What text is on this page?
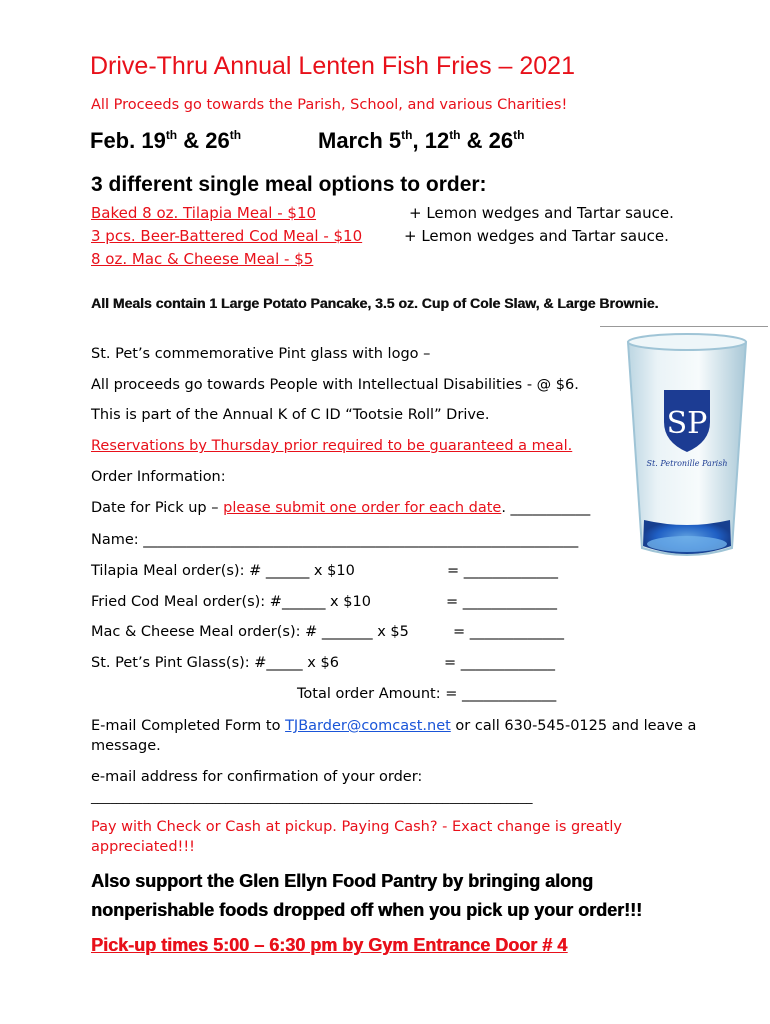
Drive-Thru Annual Lenten Fish Fries – 2021
All Proceeds go towards the Parish, School, and various Charities!
Feb. 19th & 26th	March 5th, 12th & 26th
3 different single meal options to order:
Baked 8 oz. Tilapia Meal - $10	+ Lemon wedges and Tartar sauce.
3 pcs. Beer-Battered Cod Meal - $10	+ Lemon wedges and Tartar sauce.
8 oz. Mac & Cheese Meal - $5
All Meals contain 1 Large Potato Pancake, 3.5 oz. Cup of Cole Slaw, & Large Brownie.
St. Pet’s commemorative Pint glass with logo –
All proceeds go towards People with Intellectual Disabilities - @ $6.
This is part of the Annual K of C ID “Tootsie Roll” Drive.	SP
St. Petronille Parish
Reservations by Thursday prior required to be guaranteed a meal.
Order Information:
Date for Pick up – please submit one order for each date. ___________
Name: ____________________________________________________________
Tilapia Meal order(s): # ______ x $10	= _____________
Fried Cod Meal order(s): #______ x $10	= _____________
Mac & Cheese Meal order(s): # _______ x $5	= _____________
St. Pet’s Pint Glass(s): #_____ x $6	= _____________
Total order Amount: = _____________
E-mail Completed Form to TJBarder@comcast.net or call 630-545-0125 and leave a
message.
e-mail address for confirmation of your order:
_____________________________________________________________________
Pay with Check or Cash at pickup. Paying Cash? - Exact change is greatly
appreciated!!!
Also support the Glen Ellyn Food Pantry by bringing along
nonperishable foods dropped off when you pick up your order!!!
Pick-up times 5:00 – 6:30 pm by Gym Entrance Door # 4
